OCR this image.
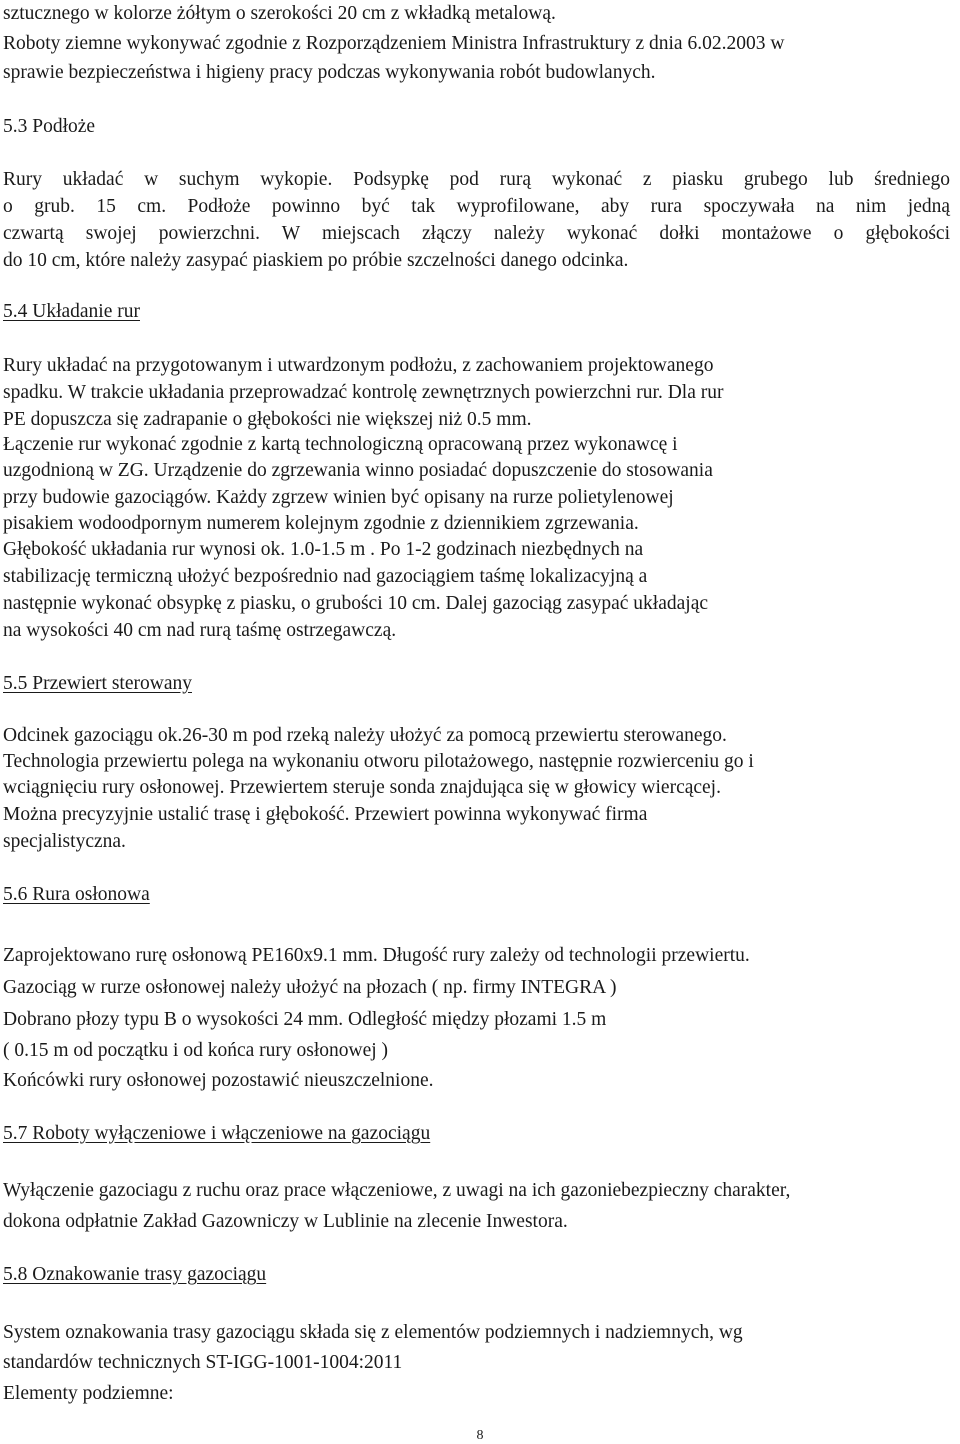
sztucznego w kolorze żółtym o szerokości 20 cm z wkładką metalową.
Roboty ziemne wykonywać zgodnie z Rozporządzeniem Ministra Infrastruktury z dnia 6.02.2003 w
sprawie bezpieczeństwa i higieny pracy podczas wykonywania robót budowlanych.
5.3 Podłoże
Rury układać w suchym wykopie. Podsypkę pod rurą wykonać z piasku grubego lub średniego
o grub. 15 cm. Podłoże powinno być tak wyprofilowane, aby rura spoczywała na nim jedną
czwartą swojej powierzchni. W miejscach złączy należy wykonać dołki montażowe o głębokości
do 10 cm, które należy zasypać piaskiem po próbie szczelności danego odcinka.
5.4 Układanie rur
Rury układać na przygotowanym i utwardzonym podłożu, z zachowaniem projektowanego
spadku. W trakcie układania przeprowadzać kontrolę zewnętrznych powierzchni rur. Dla rur
PE dopuszcza się zadrapanie o głębokości nie większej niż 0.5 mm.
Łączenie rur wykonać zgodnie z kartą technologiczną opracowaną przez wykonawcę i
uzgodnioną w ZG. Urządzenie do zgrzewania winno posiadać dopuszczenie do stosowania
przy budowie gazociągów. Każdy zgrzew winien być opisany na rurze polietylenowej
pisakiem wodoodpornym numerem kolejnym zgodnie z dziennikiem zgrzewania.
Głębokość układania rur wynosi ok. 1.0-1.5 m . Po 1-2 godzinach niezbędnych na
stabilizację termiczną ułożyć bezpośrednio nad gazociągiem taśmę lokalizacyjną a
następnie wykonać obsypkę z piasku, o grubości 10 cm. Dalej gazociąg zasypać układając
na wysokości 40 cm nad rurą taśmę ostrzegawczą.
5.5 Przewiert sterowany
Odcinek gazociągu ok.26-30 m pod rzeką należy ułożyć za pomocą przewiertu sterowanego.
Technologia przewiertu polega na wykonaniu otworu pilotażowego, następnie rozwierceniu go i
wciągnięciu rury osłonowej. Przewiertem steruje sonda znajdująca się w głowicy wiercącej.
Można precyzyjnie ustalić trasę i głębokość. Przewiert powinna wykonywać firma
specjalistyczna.
5.6 Rura osłonowa
Zaprojektowano rurę osłonową PE160x9.1 mm. Długość rury zależy od technologii przewiertu.
Gazociąg w rurze osłonowej należy ułożyć na płozach ( np. firmy INTEGRA )
Dobrano płozy typu B o wysokości 24 mm. Odległość między płozami 1.5 m
( 0.15 m od początku i od końca rury osłonowej )
Końcówki rury osłonowej pozostawić nieuszczelnione.
5.7 Roboty wyłączeniowe i włączeniowe na gazociągu
Wyłączenie gazociagu z ruchu oraz prace włączeniowe, z uwagi na ich gazoniebezpieczny charakter,
dokona odpłatnie Zakład Gazowniczy w Lublinie na zlecenie Inwestora.
5.8 Oznakowanie trasy gazociągu
System oznakowania trasy gazociągu składa się z elementów podziemnych i nadziemnych, wg
standardów technicznych ST-IGG-1001-1004:2011
Elementy podziemne:
8
